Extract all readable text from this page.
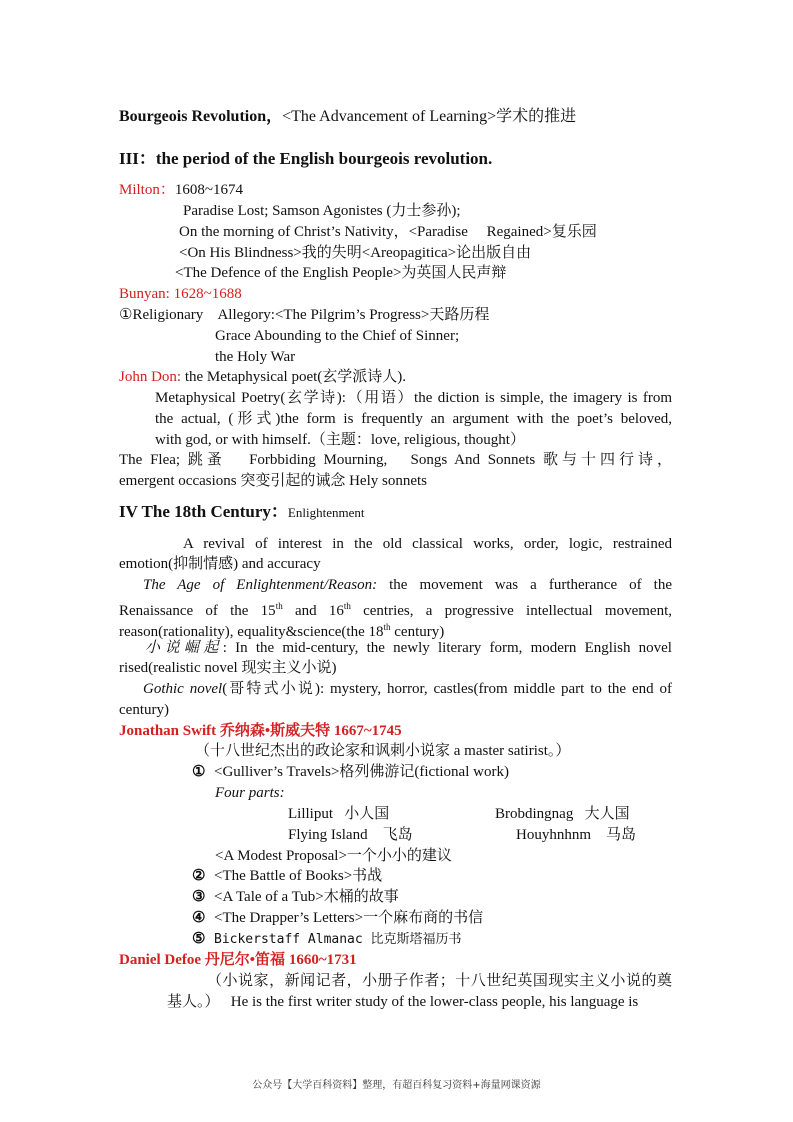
Bourgeois Revolution，<The Advancement of Learning>学术的推进
III：the period of the English bourgeois revolution.
Milton：1608~1674
Paradise Lost; Samson Agonistes (力士参孙);
On the morning of Christ’s Nativity，<Paradise     Regained>复乐园
<On His Blindness>我的失明<Areopagitica>论出版自由
<The Defence of the English People>为英国人民声辩
Bunyan: 1628~1688
①Religionary    Allegory:<The Pilgrim’s Progress>天路历程
Grace Abounding to the Chief of Sinner;
the Holy War
John Don: the Metaphysical poet(玄学派诗人).
Metaphysical Poetry(玄学诗):（用语）the diction is simple, the imagery is from
the actual, (形式)the form is frequently an argument with the poet’s beloved,
with god, or with himself.（主题：love, religious, thought）
The Flea; 跳蚤   Forbbiding Mourning,   Songs And Sonnets 歌与十四行诗，
emergent occasions 突变引起的诫念 Hely sonnets
IV The 18th Century：Enlightenment
A revival of interest in the old classical works, order, logic, restrained
emotion(抑制情感) and accuracy
The Age of Enlightenment/Reason: the movement was a furtherance of the
Renaissance of the 15th and 16th centries, a progressive intellectual movement,
reason(rationality), equality&science(the 18th century)
小说崛起: In the mid-century, the newly literary form, modern English novel
rised(realistic novel 现实主义小说)
Gothic novel(哥特式小说): mystery, horror, castles(from middle part to the end of
century)
Jonathan Swift 乔纳森•斯威夫特 1667~1745
（十八世纪杰出的政论家和讽刺小说家 a master satirist。）
① <Gulliver’s Travels>格列佛游记(fictional work)
Four parts:
Lilliput   小人国	Brobdingnag   大人国
Flying Island    飞岛	Houyhnhnm    马岛
<A Modest Proposal>一个小小的建议
② <The Battle of Books>书战
③ <A Tale of a Tub>木桶的故事
④ <The Drapper’s Letters>一个麻布商的书信
⑤ Bickerstaff Almanac 比克斯塔福历书
Daniel Defoe 丹尼尔•笛福 1660~1731
（小说家，新闻记者，小册子作者；十八世纪英国现实主义小说的奠
基人。）   He is the first writer study of the lower-class people, his language is
公众号【大学百科资料】整理，有超百科复习资料+海量网课资源
